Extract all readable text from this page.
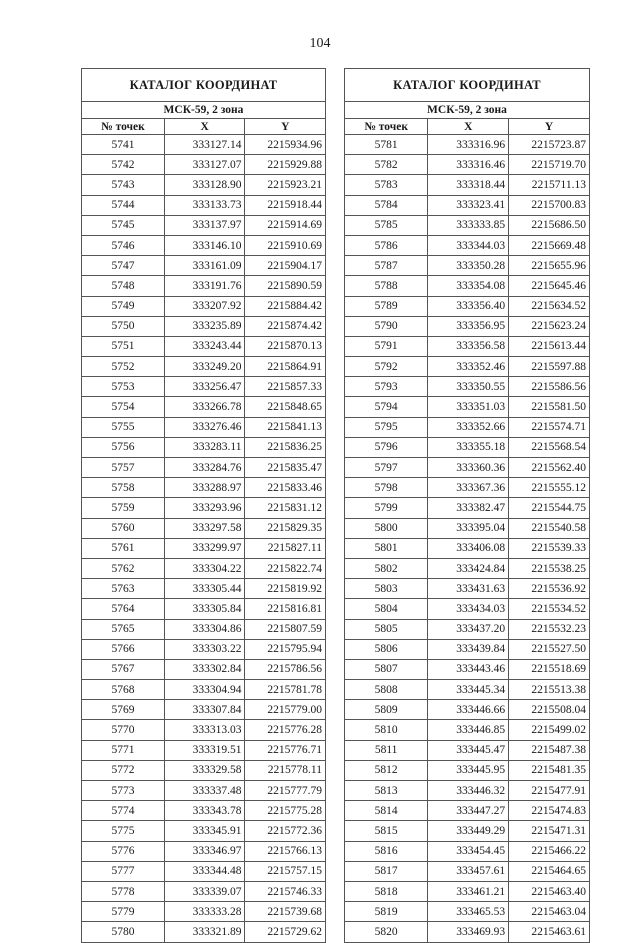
104
КАТАЛОГ КООРДИНАТ		
МСК-59, 2 зона		
№ точек	X	Y
5741	333127.14	2215934.96
5742	333127.07	2215929.88
5743	333128.90	2215923.21
5744	333133.73	2215918.44
5745	333137.97	2215914.69
5746	333146.10	2215910.69
5747	333161.09	2215904.17
5748	333191.76	2215890.59
5749	333207.92	2215884.42
5750	333235.89	2215874.42
5751	333243.44	2215870.13
5752	333249.20	2215864.91
5753	333256.47	2215857.33
5754	333266.78	2215848.65
5755	333276.46	2215841.13
5756	333283.11	2215836.25
5757	333284.76	2215835.47
5758	333288.97	2215833.46
5759	333293.96	2215831.12
5760	333297.58	2215829.35
5761	333299.97	2215827.11
5762	333304.22	2215822.74
5763	333305.44	2215819.92
5764	333305.84	2215816.81
5765	333304.86	2215807.59
5766	333303.22	2215795.94
5767	333302.84	2215786.56
5768	333304.94	2215781.78
5769	333307.84	2215779.00
5770	333313.03	2215776.28
5771	333319.51	2215776.71
5772	333329.58	2215778.11
5773	333337.48	2215777.79
5774	333343.78	2215775.28
5775	333345.91	2215772.36
5776	333346.97	2215766.13
5777	333344.48	2215757.15
5778	333339.07	2215746.33
5779	333333.28	2215739.68
5780	333321.89	2215729.62
КАТАЛОГ КООРДИНАТ		
МСК-59, 2 зона		
№ точек	X	Y
5781	333316.96	2215723.87
5782	333316.46	2215719.70
5783	333318.44	2215711.13
5784	333323.41	2215700.83
5785	333333.85	2215686.50
5786	333344.03	2215669.48
5787	333350.28	2215655.96
5788	333354.08	2215645.46
5789	333356.40	2215634.52
5790	333356.95	2215623.24
5791	333356.58	2215613.44
5792	333352.46	2215597.88
5793	333350.55	2215586.56
5794	333351.03	2215581.50
5795	333352.66	2215574.71
5796	333355.18	2215568.54
5797	333360.36	2215562.40
5798	333367.36	2215555.12
5799	333382.47	2215544.75
5800	333395.04	2215540.58
5801	333406.08	2215539.33
5802	333424.84	2215538.25
5803	333431.63	2215536.92
5804	333434.03	2215534.52
5805	333437.20	2215532.23
5806	333439.84	2215527.50
5807	333443.46	2215518.69
5808	333445.34	2215513.38
5809	333446.66	2215508.04
5810	333446.85	2215499.02
5811	333445.47	2215487.38
5812	333445.95	2215481.35
5813	333446.32	2215477.91
5814	333447.27	2215474.83
5815	333449.29	2215471.31
5816	333454.45	2215466.22
5817	333457.61	2215464.65
5818	333461.21	2215463.40
5819	333465.53	2215463.04
5820	333469.93	2215463.61
